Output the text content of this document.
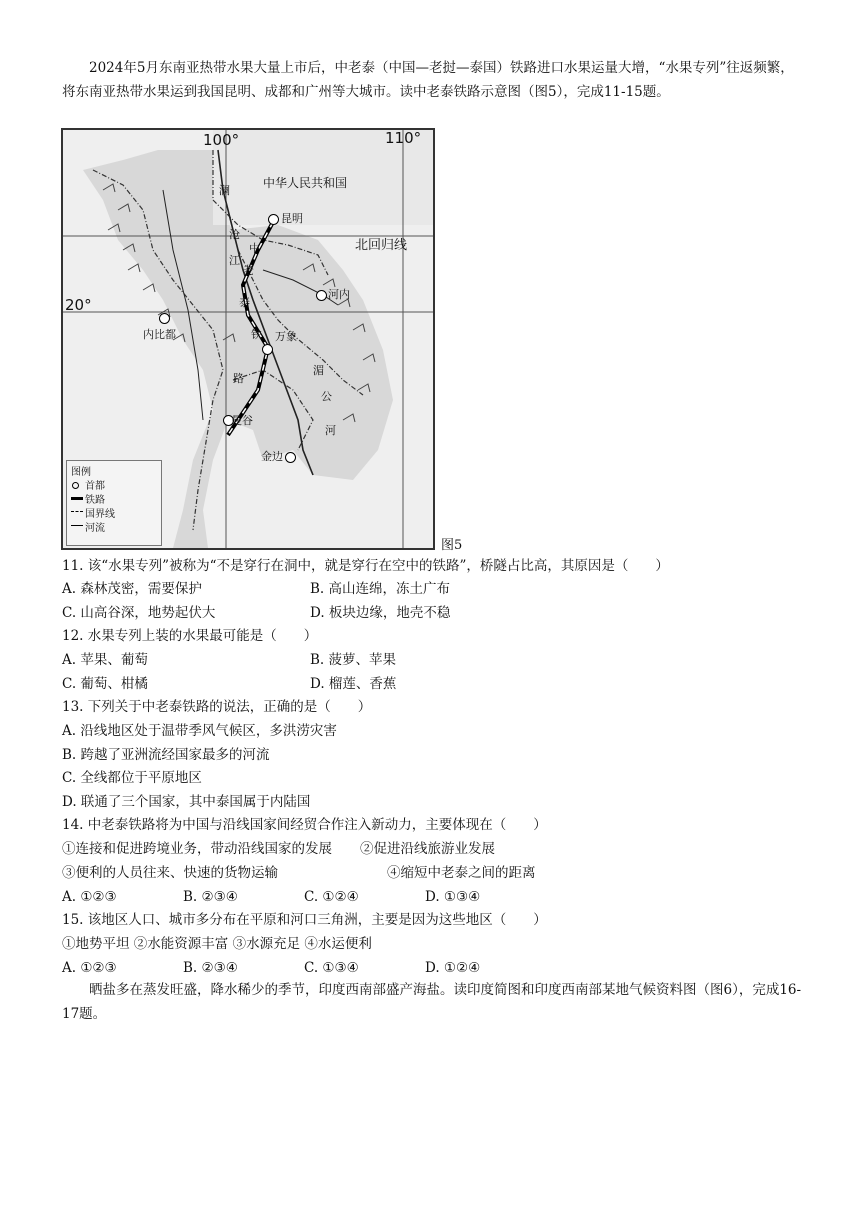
2024年5月东南亚热带水果大量上市后，中老泰（中国—老挝—泰国）铁路进口水果运量大增，“水果专列”往返频繁，将东南亚热带水果运到我国昆明、成都和广州等大城市。读中老泰铁路示意图（图5），完成11-15题。
100°	110°
20°
中华人民共和国
北回归线
昆明
河内
内比都	万象
曼谷
金边
澜
沧
江
中
老
泰
铁
路
湄
公
河
图例
首都
铁路
国界线
河流
图5
11. 该“水果专列”被称为“不是穿行在洞中，就是穿行在空中的铁路”，桥隧占比高，其原因是（　　）
A. 森林茂密，需要保护	B. 高山连绵，冻土广布
C. 山高谷深，地势起伏大	D. 板块边缘，地壳不稳
12. 水果专列上装的水果最可能是（　　）
A. 苹果、葡萄	B. 菠萝、苹果
C. 葡萄、柑橘	D. 榴莲、香蕉
13. 下列关于中老泰铁路的说法，正确的是（　　）
A. 沿线地区处于温带季风气候区，多洪涝灾害
B. 跨越了亚洲流经国家最多的河流
C. 全线都位于平原地区
D. 联通了三个国家，其中泰国属于内陆国
14. 中老泰铁路将为中国与沿线国家间经贸合作注入新动力，主要体现在（　　）
①连接和促进跨境业务，带动沿线国家的发展 ②促进沿线旅游业发展
③便利的人员往来、快速的货物运输	④缩短中老泰之间的距离
A. ①②③	B. ②③④	C. ①②④	D. ①③④
15. 该地区人口、城市多分布在平原和河口三角洲，主要是因为这些地区（　　）
①地势平坦 ②水能资源丰富 ③水源充足 ④水运便利
A. ①②③	B. ②③④	C. ①③④	D. ①②④
晒盐多在蒸发旺盛，降水稀少的季节，印度西南部盛产海盐。读印度简图和印度西南部某地气候资料图（图6），完成16-17题。
